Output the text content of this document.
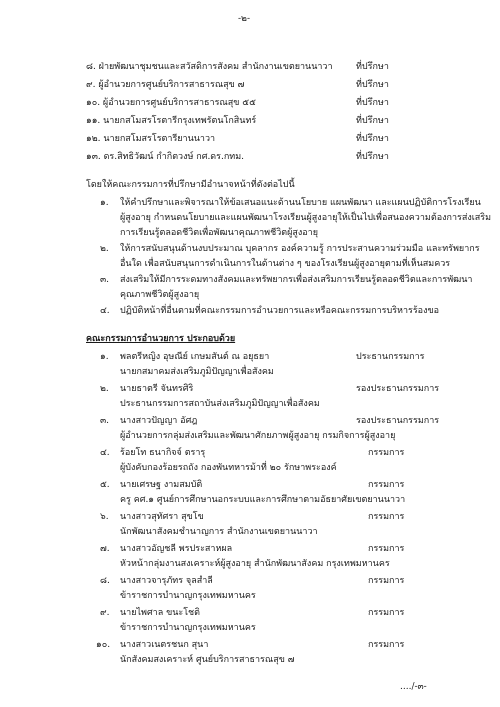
-๒-
๘. ฝ่ายพัฒนาชุมชนและสวัสดิการสังคม สำนักงานเขตยานนาวา	ที่ปรึกษา
๙. ผู้อำนวยการศูนย์บริการสาธารณสุข ๗	ที่ปรึกษา
๑๐. ผู้อำนวยการศูนย์บริการสาธารณสุข ๕๕	ที่ปรึกษา
๑๑. นายกสโมสรโรตารีกรุงเทพรัตนโกสินทร์	ที่ปรึกษา
๑๒. นายกสโมสรโรตารียานนาวา	ที่ปรึกษา
๑๓. ดร.สิทธิวัฒน์ กำกิตวงษ์ กศ.ดร.กทม.	ที่ปรึกษา
โดยให้คณะกรรมการที่ปรึกษามีอำนาจหน้าที่ดังต่อไปนี้
๑. ให้คำปรึกษาและพิจารณาให้ข้อเสนอแนะด้านนโยบาย แผนพัฒนา และแผนปฏิบัติการโรงเรียน
ผู้สูงอายุ กำหนดนโยบายและแผนพัฒนาโรงเรียนผู้สูงอายุให้เป็นไปเพื่อสนองความต้องการส่งเสริม
การเรียนรู้ตลอดชีวิตเพื่อพัฒนาคุณภาพชีวิตผู้สูงอายุ
๒. ให้การสนับสนุนด้านงบประมาณ บุคลากร องค์ความรู้ การประสานความร่วมมือ และทรัพยากร
อื่นใด เพื่อสนับสนุนการดำเนินการในด้านต่าง ๆ ของโรงเรียนผู้สูงอายุตามที่เห็นสมควร
๓. ส่งเสริมให้มีการระดมทางสังคมและทรัพยากรเพื่อส่งเสริมการเรียนรู้ตลอดชีวิตและการพัฒนา
คุณภาพชีวิตผู้สูงอายุ
๔. ปฏิบัติหน้าที่อื่นตามที่คณะกรรมการอำนวยการและหรือคณะกรรมการบริหารร้องขอ
คณะกรรมการอำนวยการ ประกอบด้วย
๑. พลตรีหญิง อุษณีย์ เกษมสันต์ ณ อยุธยา	ประธานกรรมการ
นายกสมาคมส่งเสริมภูมิปัญญาเพื่อสังคม
๒. นายธาตรี จันทรศิริ	รองประธานกรรมการ
ประธานกรรมการสถาบันส่งเสริมภูมิปัญญาเพื่อสังคม
๓. นางสาวปัญญา อัศฎ	รองประธานกรรมการ
ผู้อำนวยการกลุ่มส่งเสริมและพัฒนาศักยภาพผู้สูงอายุ กรมกิจการผู้สูงอายุ
๔. ร้อยโท ธนากิจจ์ ตรารุ	กรรมการ
ผู้บังคับกองร้อยรถถัง กองพันทหารม้าที่ ๒๐ รักษาพระองค์
๕. นายเศรษฐ งามสมบัติ	กรรมการ
ครู คศ.๑ ศูนย์การศึกษานอกระบบและการศึกษาตามอัธยาศัยเขตยานนาวา
๖. นางสาวสุทัศรา สุขโข	กรรมการ
นักพัฒนาสังคมชำนาญการ สำนักงานเขตยานนาวา
๗. นางสาวอัญชลี พรประสาหผล	กรรมการ
หัวหน้ากลุ่มงานสงเคราะห์ผู้สูงอายุ สำนักพัฒนาสังคม กรุงเทพมหานคร
๘. นางสาวจารุภัทร จุลสำลี	กรรมการ
ข้าราชการบำนาญกรุงเทพมหานคร
๙. นายไพศาล ขนะโชติ	กรรมการ
ข้าราชการบำนาญกรุงเทพมหานคร
๑๐. นางสาวเนตรชนก สุนา	กรรมการ
นักสังคมสงเคราะห์ ศูนย์บริการสาธารณสุข ๗
..../-๓-
